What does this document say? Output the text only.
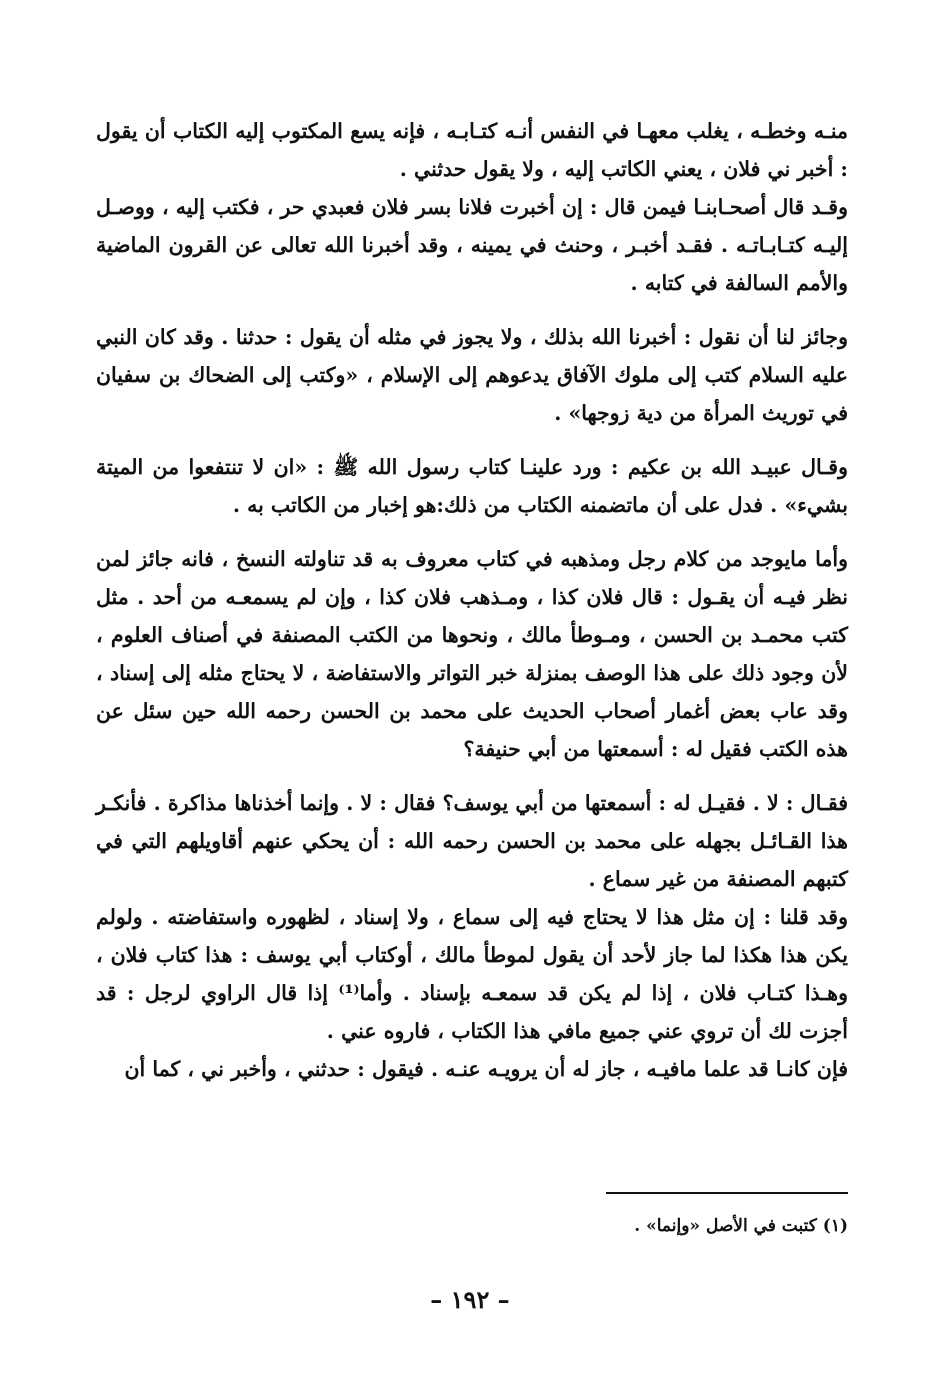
منـه وخطـه ، يغلب معهـا في النفس أنـه كتـابـه ، فإنه يسع المكتوب إليه الكتاب أن يقول : أخبر ني فلان ، يعني الكاتب إليه ، ولا يقول حدثني .

وقـد قال أصحـابنـا فيمن قال : إن أخبرت فلانا بسر فلان فعبدي حر ، فكتب إليه ، ووصـل إليـه كتـابـاتـه . فقـد أخبـر ، وحنث في يمينه ، وقد أخبرنا الله تعالى عن القرون الماضية والأمم السالفة في كتابه .

وجائز لنا أن نقول : أخبرنا الله بذلك ، ولا يجوز في مثله أن يقول : حدثنا . وقد كان النبي عليه السلام كتب إلى ملوك الآفاق يدعوهم إلى الإسلام ، «وكتب إلى الضحاك بن سفيان في توريث المرأة من دية زوجها» .

وقـال عبيـد الله بن عكيم : ورد علينـا كتاب رسول الله ﷺ : «ان لا تنتفعوا من الميتة بشيء» . فدل على أن ماتضمنه الكتاب من ذلك:هو إخبار من الكاتب به .

وأما مايوجد من كلام رجل ومذهبه في كتاب معروف به قد تناولته النسخ ، فانه جائز لمن نظر فيـه أن يقـول : قال فلان كذا ، ومـذهب فلان كذا ، وإن لم يسمعـه من أحد . مثل كتب محمـد بن الحسن ، ومـوطأ مالك ، ونحوها من الكتب المصنفة في أصناف العلوم ، لأن وجود ذلك على هذا الوصف بمنزلة خبر التواتر والاستفاضة ، لا يحتاج مثله إلى إسناد ، وقد عاب بعض أغمار أصحاب الحديث على محمد بن الحسن رحمه الله حين سئل عن هذه الكتب فقيل له : أسمعتها من أبي حنيفة؟

فقـال : لا . فقيـل له : أسمعتها من أبي يوسف؟ فقال : لا . وإنما أخذناها مذاكرة . فأنكـر هذا القـائـل بجهله على محمد بن الحسن رحمه الله : أن يحكي عنهم أقاويلهم التي في كتبهم المصنفة من غير سماع .

وقد قلنا : إن مثل هذا لا يحتاج فيه إلى سماع ، ولا إسناد ، لظهوره واستفاضته . ولولم يكن هذا هكذا لما جاز لأحد أن يقول لموطأ مالك ، أوكتاب أبي يوسف : هذا كتاب فلان ، وهـذا كتـاب فلان ، إذا لم يكن قد سمعـه بإسناد . وأما⁽¹⁾ إذا قال الراوي لرجل : قد أجزت لك أن تروي عني جميع مافي هذا الكتاب ، فاروه عني .

فإن كانـا قد علما مافيـه ، جاز له أن يرويـه عنـه . فيقول : حدثني ، وأخبر ني ، كما أن

(١) كتبت في الأصل «وإنما» .
– ١٩٢ –
